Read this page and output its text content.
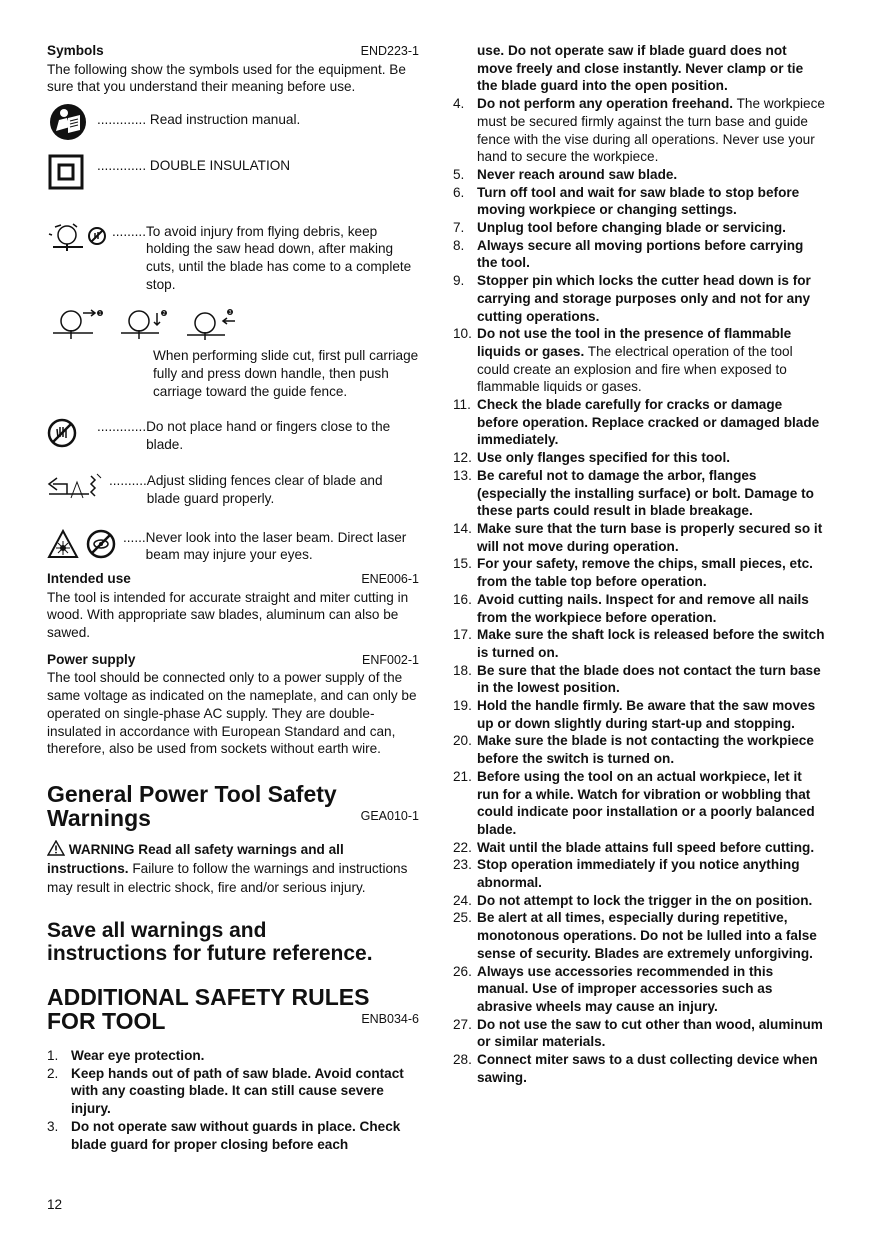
Symbols	END223-1

The following show the symbols used for the equipment. Be sure that you understand their meaning before use.

............. Read instruction manual.
............. DOUBLE INSULATION
......... To avoid injury from flying debris, keep holding the saw head down, after making cuts, until the blade has come to a complete stop.
1	2	3

When performing slide cut, first pull carriage fully and press down handle, then push carriage toward the guide fence.

............. Do not place hand or fingers close to the blade.
.......... Adjust sliding fences clear of blade and blade guard properly.
...... Never look into the laser beam. Direct laser beam may injure your eyes.
Intended use	ENE006-1

The tool is intended for accurate straight and miter cutting in wood. With appropriate saw blades, aluminum can also be sawed.

Power supply	ENF002-1

The tool should be connected only to a power supply of the same voltage as indicated on the nameplate, and can only be operated on single-phase AC supply. They are double-insulated in accordance with European Standard and can, therefore, also be used from sockets without earth wire.

General Power Tool Safety
Warnings	GEA010-1

WARNING Read all safety warnings and all instructions. Failure to follow the warnings and instructions may result in electric shock, fire and/or serious injury.

Save all warnings and
instructions for future reference.
ADDITIONAL SAFETY RULES
FOR TOOL	ENB034-6
1. Wear eye protection.
2. Keep hands out of path of saw blade. Avoid contact with any coasting blade. It can still cause severe injury.
3. Do not operate saw without guards in place. Check blade guard for proper closing before each
use. Do not operate saw if blade guard does not move freely and close instantly. Never clamp or tie the blade guard into the open position.
4. Do not perform any operation freehand. The workpiece must be secured firmly against the turn base and guide fence with the vise during all operations. Never use your hand to secure the workpiece.
5. Never reach around saw blade.
6. Turn off tool and wait for saw blade to stop before moving workpiece or changing settings.
7. Unplug tool before changing blade or servicing.
8. Always secure all moving portions before carrying the tool.
9. Stopper pin which locks the cutter head down is for carrying and storage purposes only and not for any cutting operations.
10. Do not use the tool in the presence of flammable liquids or gases. The electrical operation of the tool could create an explosion and fire when exposed to flammable liquids or gases.
11. Check the blade carefully for cracks or damage before operation. Replace cracked or damaged blade immediately.
12. Use only flanges specified for this tool.
13. Be careful not to damage the arbor, flanges (especially the installing surface) or bolt. Damage to these parts could result in blade breakage.
14. Make sure that the turn base is properly secured so it will not move during operation.
15. For your safety, remove the chips, small pieces, etc. from the table top before operation.
16. Avoid cutting nails. Inspect for and remove all nails from the workpiece before operation.
17. Make sure the shaft lock is released before the switch is turned on.
18. Be sure that the blade does not contact the turn base in the lowest position.
19. Hold the handle firmly. Be aware that the saw moves up or down slightly during start-up and stopping.
20. Make sure the blade is not contacting the workpiece before the switch is turned on.
21. Before using the tool on an actual workpiece, let it run for a while. Watch for vibration or wobbling that could indicate poor installation or a poorly balanced blade.
22. Wait until the blade attains full speed before cutting.
23. Stop operation immediately if you notice anything abnormal.
24. Do not attempt to lock the trigger in the on position.
25. Be alert at all times, especially during repetitive, monotonous operations. Do not be lulled into a false sense of security. Blades are extremely unforgiving.
26. Always use accessories recommended in this manual. Use of improper accessories such as abrasive wheels may cause an injury.
27. Do not use the saw to cut other than wood, aluminum or similar materials.
28. Connect miter saws to a dust collecting device when sawing.
12
